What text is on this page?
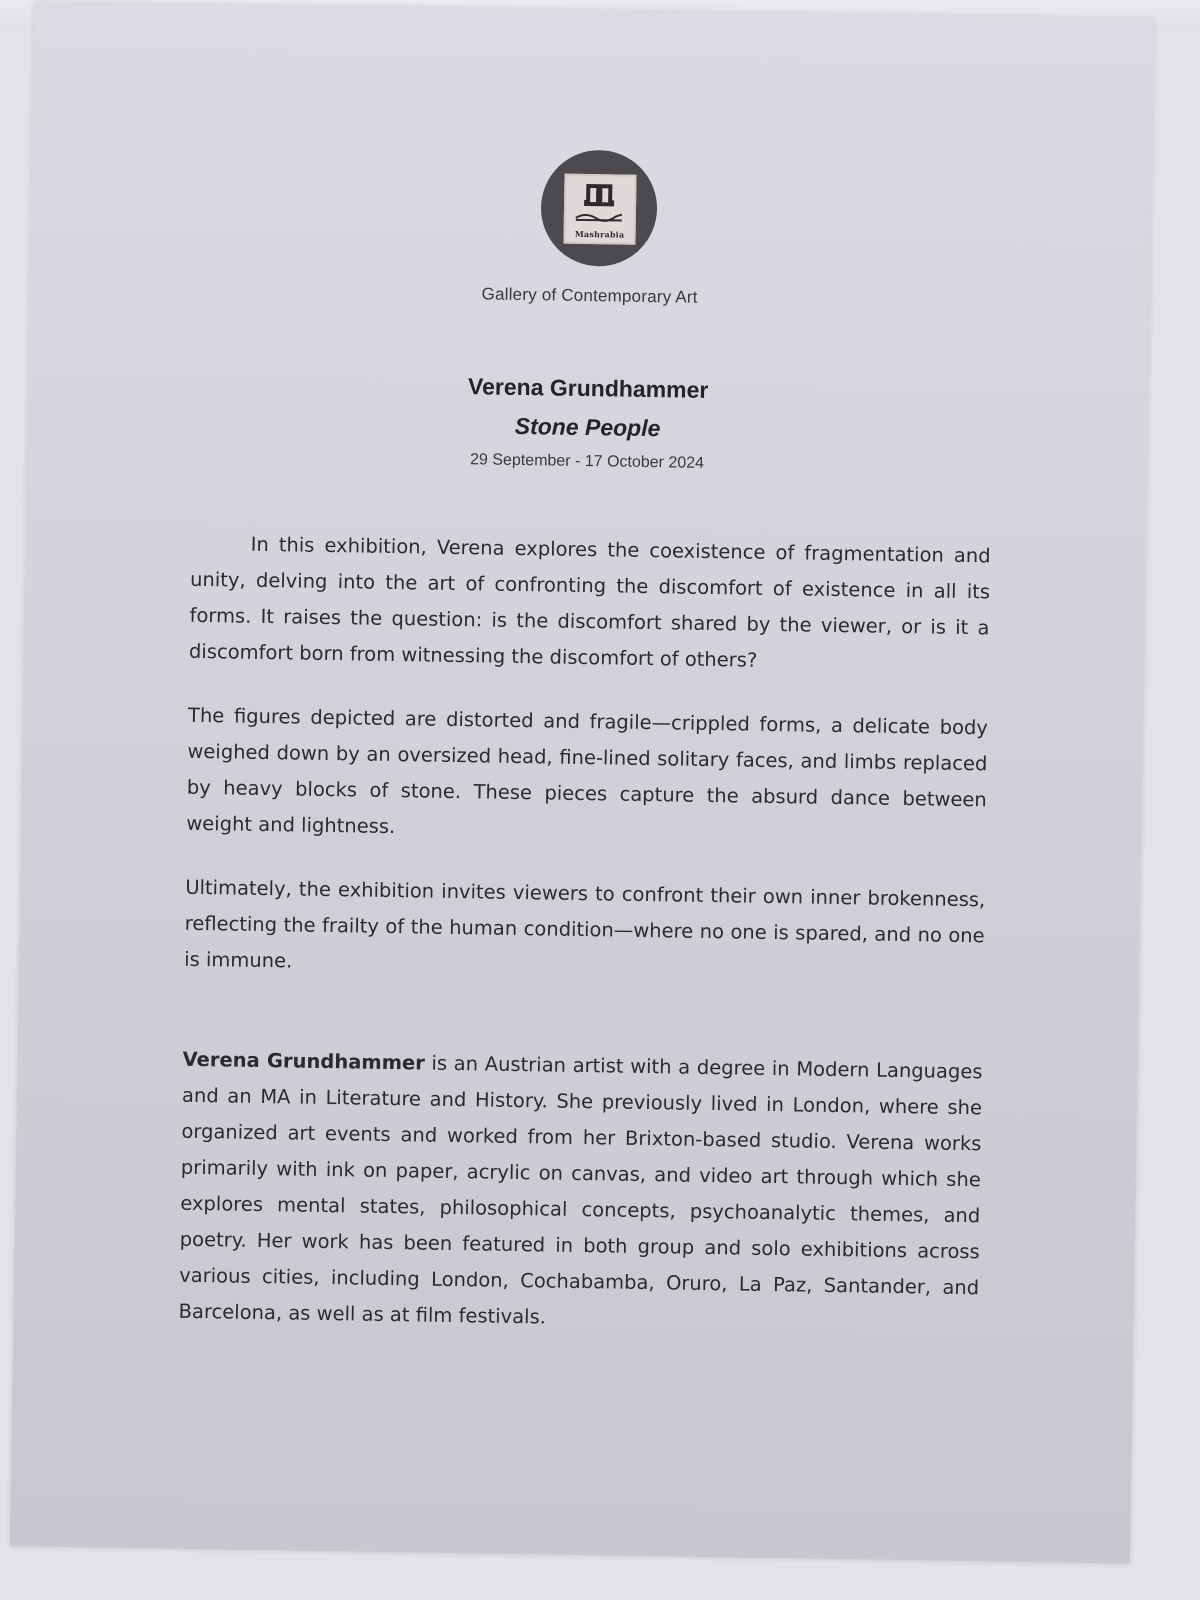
Mashrabia
Gallery of Contemporary Art
Verena Grundhammer
Stone People
29 September - 17 October 2024

In this exhibition, Verena explores the coexistence of fragmentation and unity, delving into the art of confronting the discomfort of existence in all its forms. It raises the question: is the discomfort shared by the viewer, or is it a discomfort born from witnessing the discomfort of others?

The figures depicted are distorted and fragile—crippled forms, a delicate body weighed down by an oversized head, fine-lined solitary faces, and limbs replaced by heavy blocks of stone. These pieces capture the absurd dance between weight and lightness.

Ultimately, the exhibition invites viewers to confront their own inner brokenness, reflecting the frailty of the human condition—where no one is spared, and no one is immune.

Verena Grundhammer is an Austrian artist with a degree in Modern Languages and an MA in Literature and History. She previously lived in London, where she organized art events and worked from her Brixton-based studio. Verena works primarily with ink on paper, acrylic on canvas, and video art through which she explores mental states, philosophical concepts, psychoanalytic themes, and poetry. Her work has been featured in both group and solo exhibitions across various cities, including London, Cochabamba, Oruro, La Paz, Santander, and Barcelona, as well as at film festivals.
